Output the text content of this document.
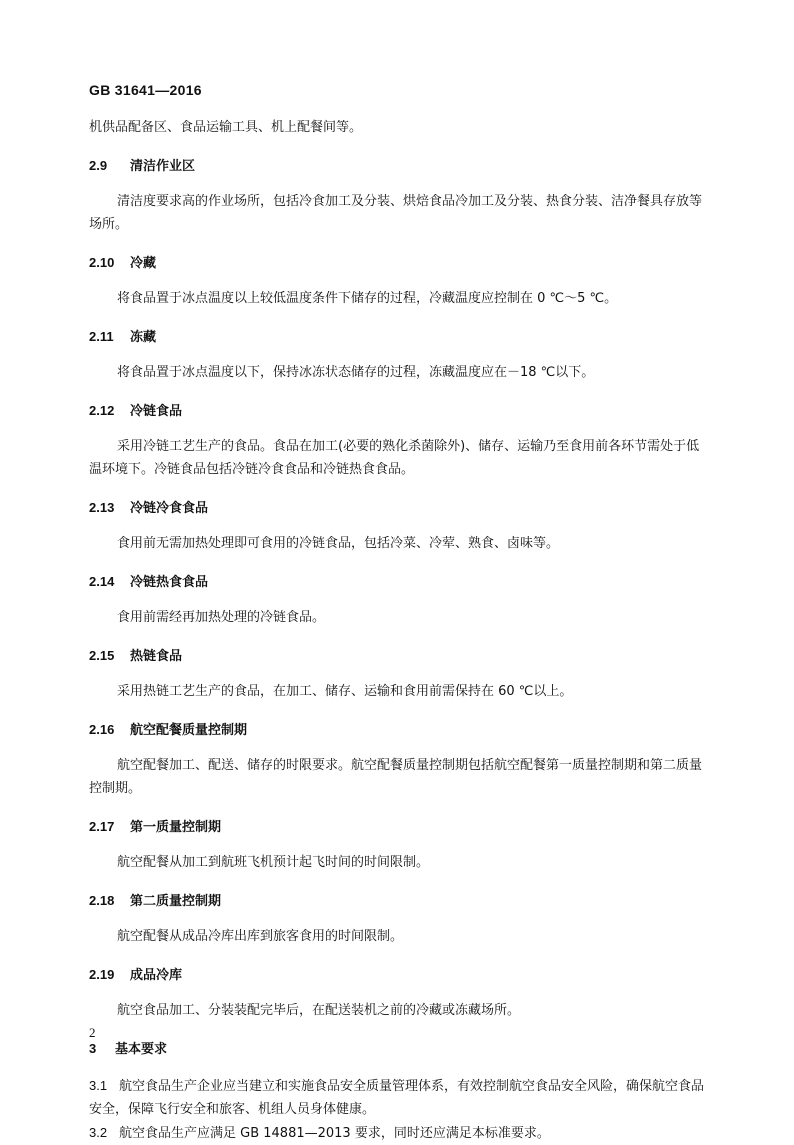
GB 31641—2016

机供品配备区、食品运输工具、机上配餐间等。

2.9 清洁作业区

清洁度要求高的作业场所，包括冷食加工及分装、烘焙食品冷加工及分装、热食分装、洁净餐具存放等场所。

2.10 冷藏

将食品置于冰点温度以上较低温度条件下储存的过程，冷藏温度应控制在 0 ℃～5 ℃。

2.11 冻藏

将食品置于冰点温度以下，保持冰冻状态储存的过程，冻藏温度应在－18 ℃以下。

2.12 冷链食品

采用冷链工艺生产的食品。食品在加工(必要的熟化杀菌除外)、储存、运输乃至食用前各环节需处于低温环境下。冷链食品包括冷链冷食食品和冷链热食食品。

2.13 冷链冷食食品

食用前无需加热处理即可食用的冷链食品，包括冷菜、冷荤、熟食、卤味等。

2.14 冷链热食食品

食用前需经再加热处理的冷链食品。

2.15 热链食品

采用热链工艺生产的食品，在加工、储存、运输和食用前需保持在 60 ℃以上。

2.16 航空配餐质量控制期

航空配餐加工、配送、储存的时限要求。航空配餐质量控制期包括航空配餐第一质量控制期和第二质量控制期。

2.17 第一质量控制期

航空配餐从加工到航班飞机预计起飞时间的时间限制。

2.18 第二质量控制期

航空配餐从成品冷库出库到旅客食用的时间限制。

2.19 成品冷库

航空食品加工、分装装配完毕后，在配送装机之前的冷藏或冻藏场所。

3 基本要求

3.1 航空食品生产企业应当建立和实施食品安全质量管理体系，有效控制航空食品安全风险，确保航空食品安全，保障飞行安全和旅客、机组人员身体健康。

3.2 航空食品生产应满足 GB 14881—2013 要求，同时还应满足本标准要求。

2
